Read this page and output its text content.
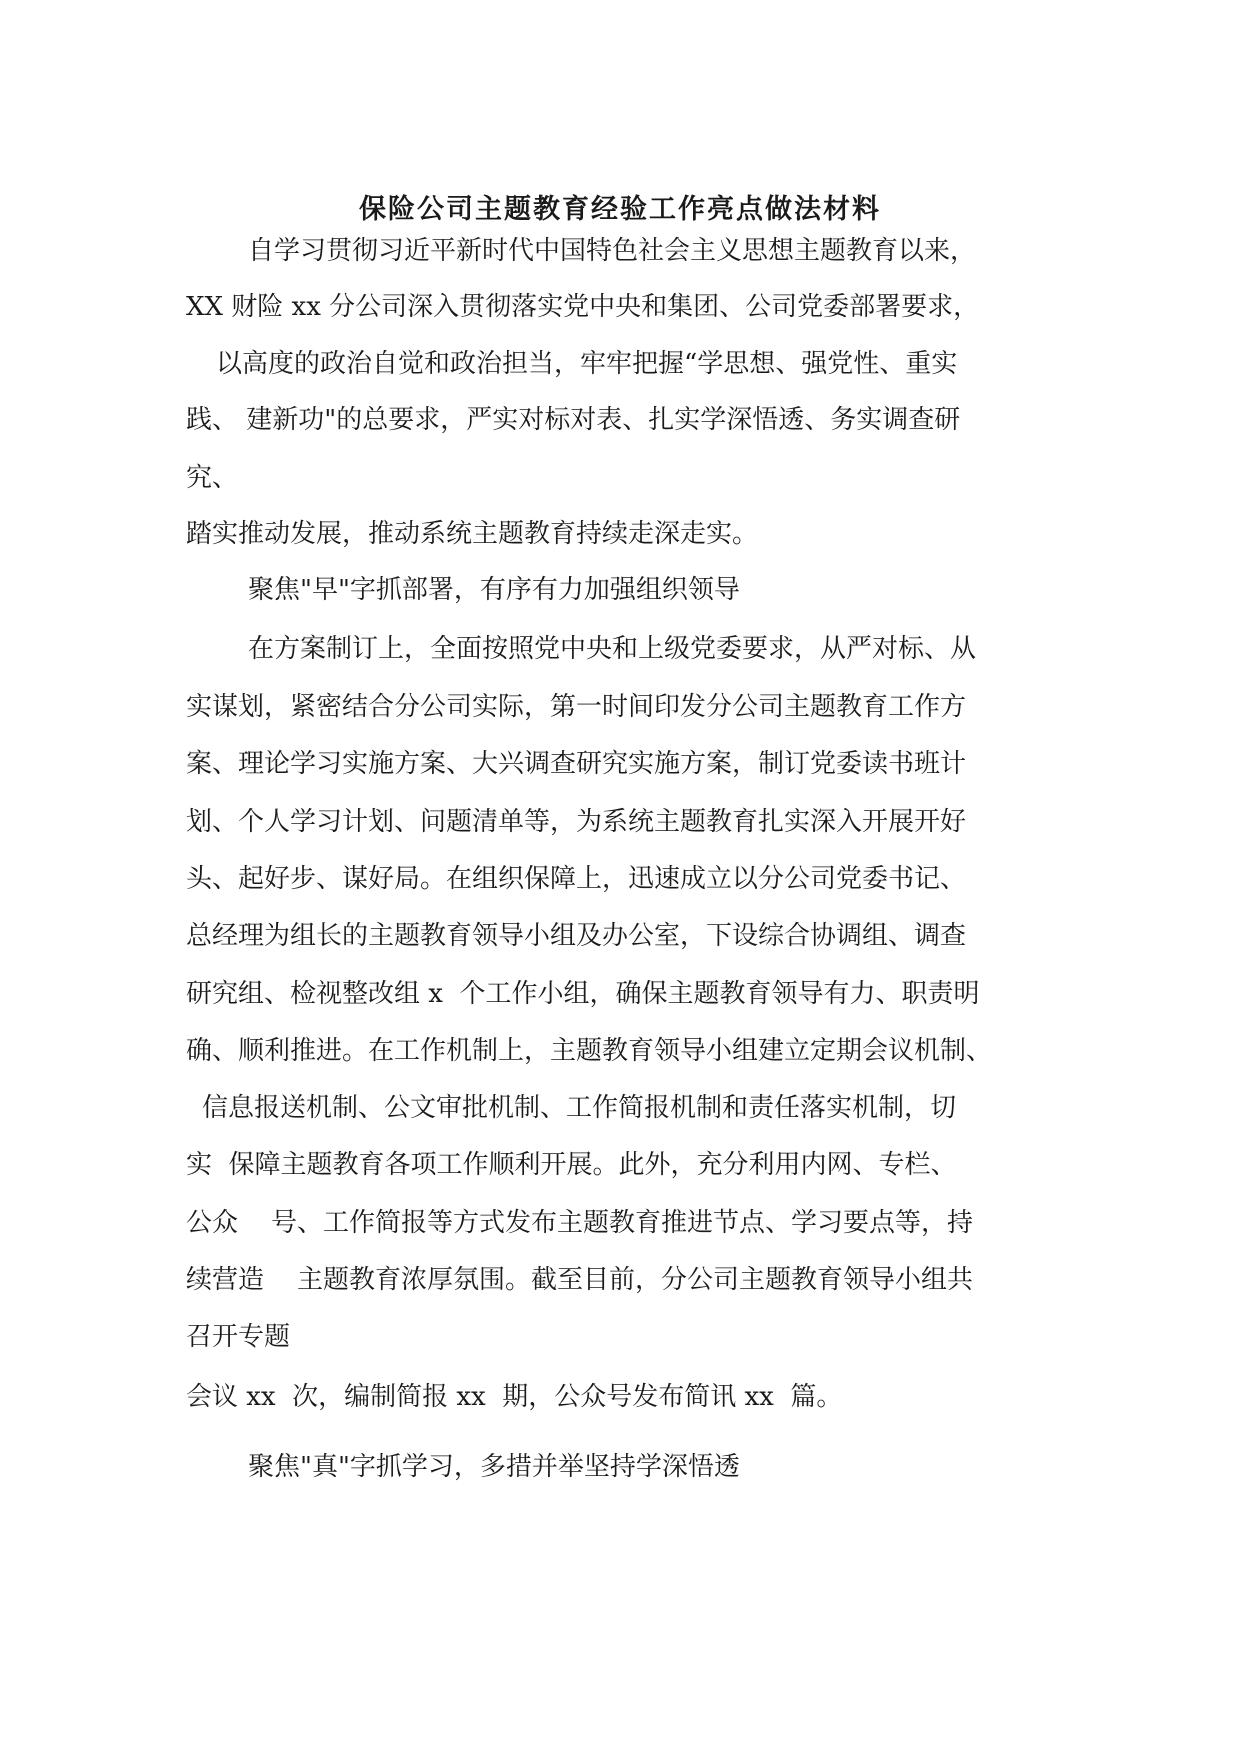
保险公司主题教育经验工作亮点做法材料

自学习贯彻习近平新时代中国特色社会主义思想主题教育以来，

XX 财险 xx 分公司深入贯彻落实党中央和集团、公司党委部署要求，

以高度的政治自觉和政治担当，牢牢把握“学思想、强党性、重实

践、 建新功"的总要求，严实对标对表、扎实学深悟透、务实调查研

究、

踏实推动发展，推动系统主题教育持续走深走实。

聚焦"早"字抓部署，有序有力加强组织领导

在方案制订上，全面按照党中央和上级党委要求，从严对标、从

实谋划，紧密结合分公司实际，第一时间印发分公司主题教育工作方

案、理论学习实施方案、大兴调查研究实施方案，制订党委读书班计

划、个人学习计划、问题清单等，为系统主题教育扎实深入开展开好

头、起好步、谋好局。在组织保障上，迅速成立以分公司党委书记、

总经理为组长的主题教育领导小组及办公室，下设综合协调组、调查

研究组、检视整改组 x  个工作小组，确保主题教育领导有力、职责明

确、顺利推进。在工作机制上，主题教育领导小组建立定期会议机制、

信息报送机制、公文审批机制、工作简报机制和责任落实机制，切

实  保障主题教育各项工作顺利开展。此外，充分利用内网、专栏、

公众    号、工作简报等方式发布主题教育推进节点、学习要点等，持

续营造    主题教育浓厚氛围。截至目前，分公司主题教育领导小组共

召开专题

会议 xx  次，编制简报 xx  期，公众号发布简讯 xx  篇。

聚焦"真"字抓学习，多措并举坚持学深悟透
